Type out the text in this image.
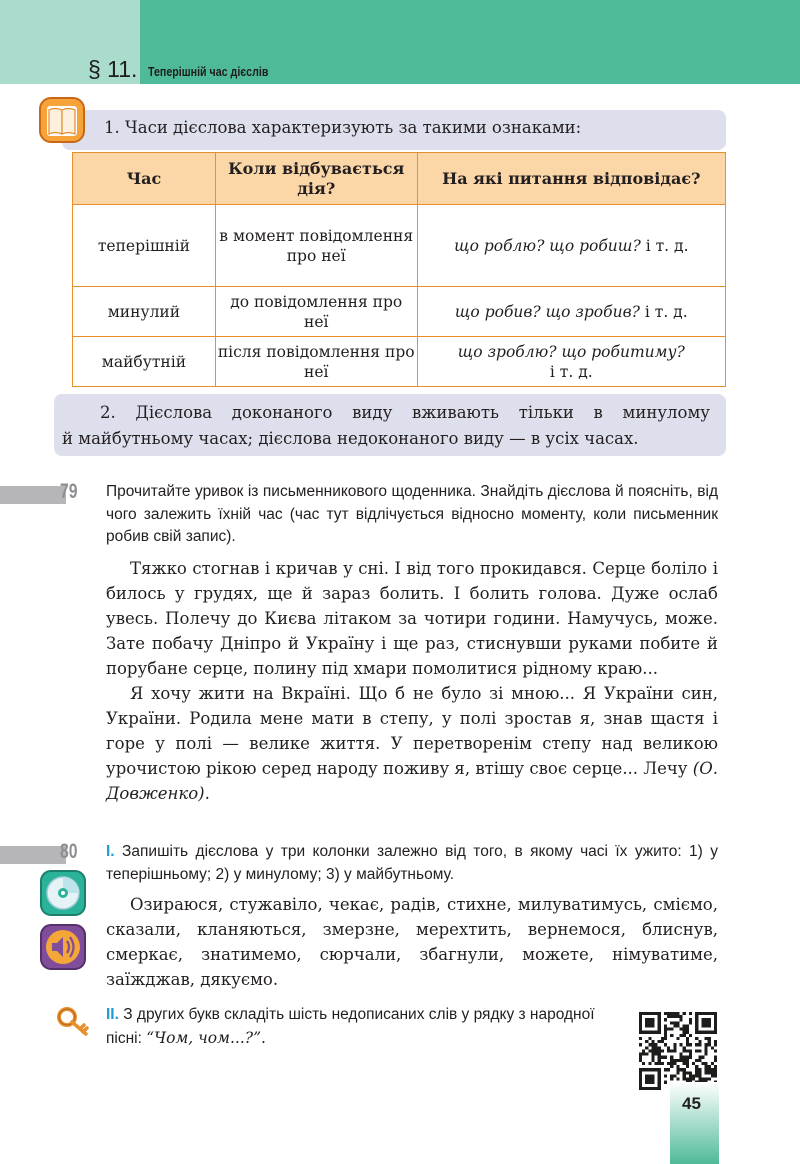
§ 11. Теперішній час дієслів
1. Часи дієслова характеризують за такими ознаками:
Час	Коли відбувається дія?	На які питання відповідає?
теперішній	в момент повідомлення про неї	що роблю? що робиш? і т. д.
минулий	до повідомлення про неї	що робив? що зробив? і т. д.
майбутній	після повідомлення про неї	що зроблю? що робитиму?
і т. д.
2. Дієслова доконаного виду вживають тільки в минулому
й майбутньому часах; дієслова недоконаного виду — в усіх часах.
79	Прочитайте уривок із письменникового щоденника. Знайдіть дієслова й поясніть, від чого залежить їхній час (час тут відлічується відносно моменту, коли письменник робив свій запис).

Тяжко стогнав і кричав у сні. І від того прокидався. Серце боліло і билось у грудях, ще й зараз болить. І болить голова. Дуже ослаб увесь. Полечу до Києва літаком за чотири години. Намучусь, може. Зате побачу Дніпро й Україну і ще раз, стиснувши руками побите й порубане серце, полину під хмари помолитися рідному краю...

Я хочу жити на Вкраїні. Що б не було зі мною... Я України син, України. Родила мене мати в степу, у полі зростав я, знав щастя і горе у полі — велике життя. У перетворенім степу над великою урочистою рікою серед народу поживу я, втішу своє серце... Лечу (О. Довженко).

80	I. Запишіть дієслова у три колонки залежно від того, в якому часі їх ужито: 1) у теперішньому; 2) у минулому; 3) у майбутньому.

Озираюся, стужавіло, чекає, радів, стихне, милуватимусь, сміємо, сказали, кланяються, змерзне, мерехтить, вернемося, блиснув, смеркає, знатимемо, сюрчали, збагнули, можете, німуватиме, заїжджав, дякуємо.

II. З других букв складіть шість недописаних слів у рядку з народної пісні: “Чом, чом...?”.
45
